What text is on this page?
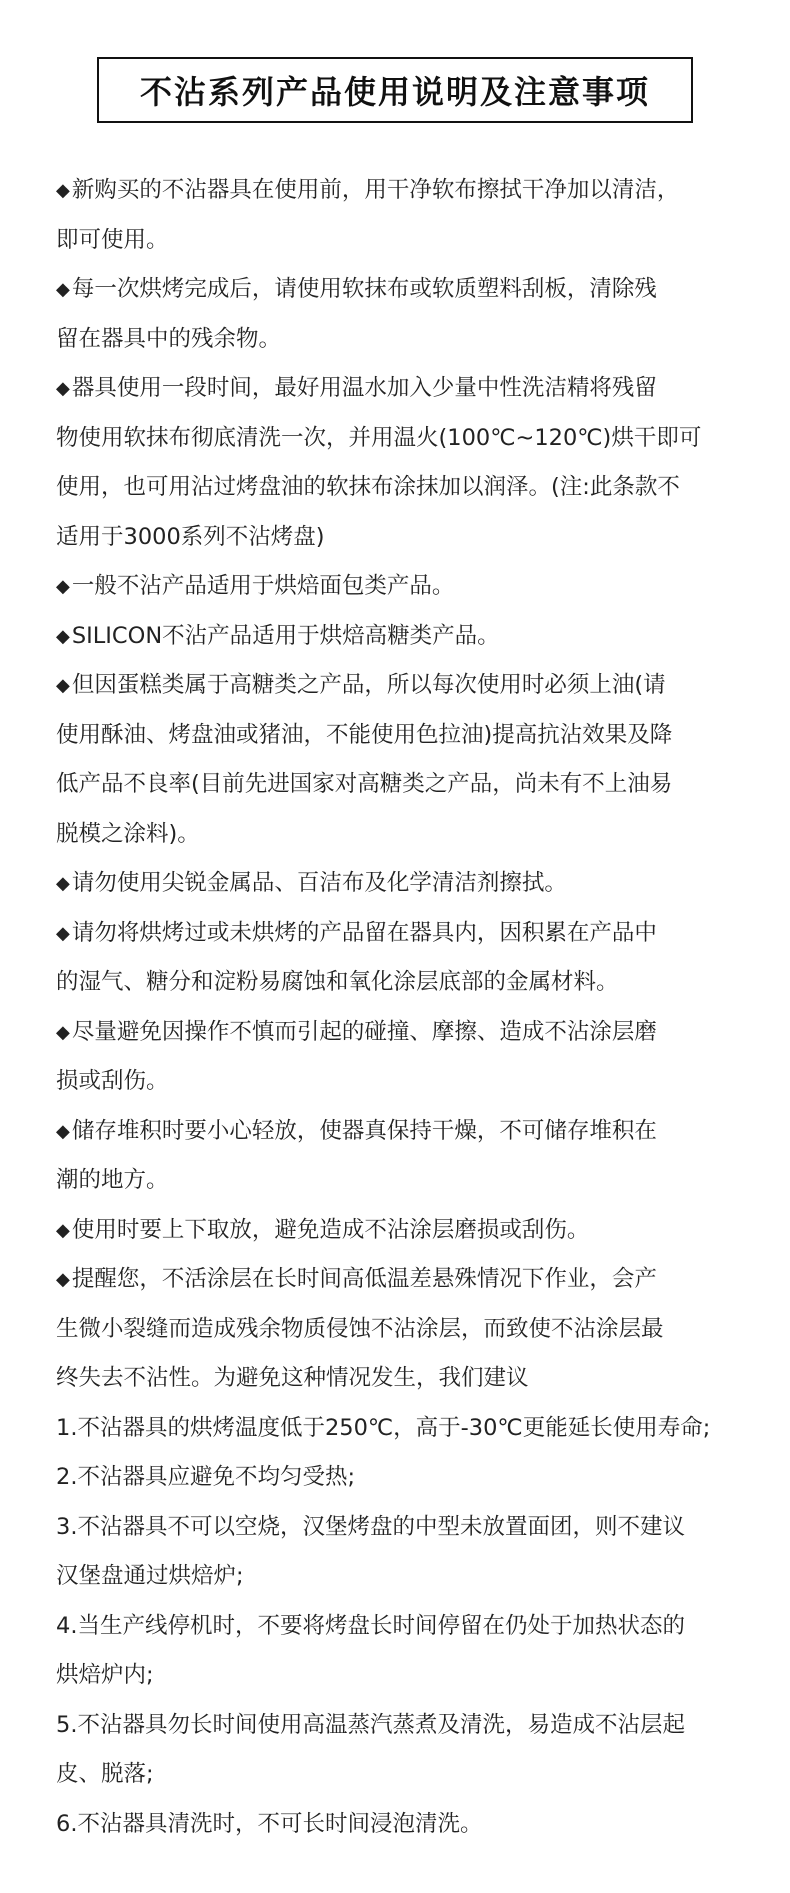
不沾系列产品使用说明及注意事项
◆新购买的不沾器具在使用前，用干净软布擦拭干净加以清洁，
即可使用。
◆每一次烘烤完成后，请使用软抹布或软质塑料刮板，清除残
留在器具中的残余物。
◆器具使用一段时间，最好用温水加入少量中性洗洁精将残留
物使用软抹布彻底清洗一次，并用温火(100℃~120℃)烘干即可
使用，也可用沾过烤盘油的软抹布涂抹加以润泽。(注:此条款不
适用于3000系列不沾烤盘)
◆一般不沾产品适用于烘焙面包类产品。
◆SILICON不沾产品适用于烘焙高糖类产品。
◆但因蛋糕类属于高糖类之产品，所以每次使用时必须上油(请
使用酥油、烤盘油或猪油，不能使用色拉油)提高抗沾效果及降
低产品不良率(目前先进国家对高糖类之产品，尚未有不上油易
脱模之涂料)。
◆请勿使用尖锐金属品、百洁布及化学清洁剂擦拭。
◆请勿将烘烤过或未烘烤的产品留在器具内，因积累在产品中
的湿气、糖分和淀粉易腐蚀和氧化涂层底部的金属材料。
◆尽量避免因操作不慎而引起的碰撞、摩擦、造成不沾涂层磨
损或刮伤。
◆储存堆积时要小心轻放，使器真保持干燥，不可储存堆积在
潮的地方。
◆使用时要上下取放，避免造成不沾涂层磨损或刮伤。
◆提醒您，不活涂层在长时间高低温差悬殊情况下作业，会产
生微小裂缝而造成残余物质侵蚀不沾涂层，而致使不沾涂层最
终失去不沾性。为避免这种情况发生，我们建议
1.不沾器具的烘烤温度低于250℃，高于-30℃更能延长使用寿命;
2.不沾器具应避免不均匀受热;
3.不沾器具不可以空烧，汉堡烤盘的中型未放置面团，则不建议
汉堡盘通过烘焙炉;
4.当生产线停机时，不要将烤盘长时间停留在仍处于加热状态的
烘焙炉内;
5.不沾器具勿长时间使用高温蒸汽蒸煮及清洗，易造成不沾层起
皮、脱落;
6.不沾器具清洗时，不可长时间浸泡清洗。
